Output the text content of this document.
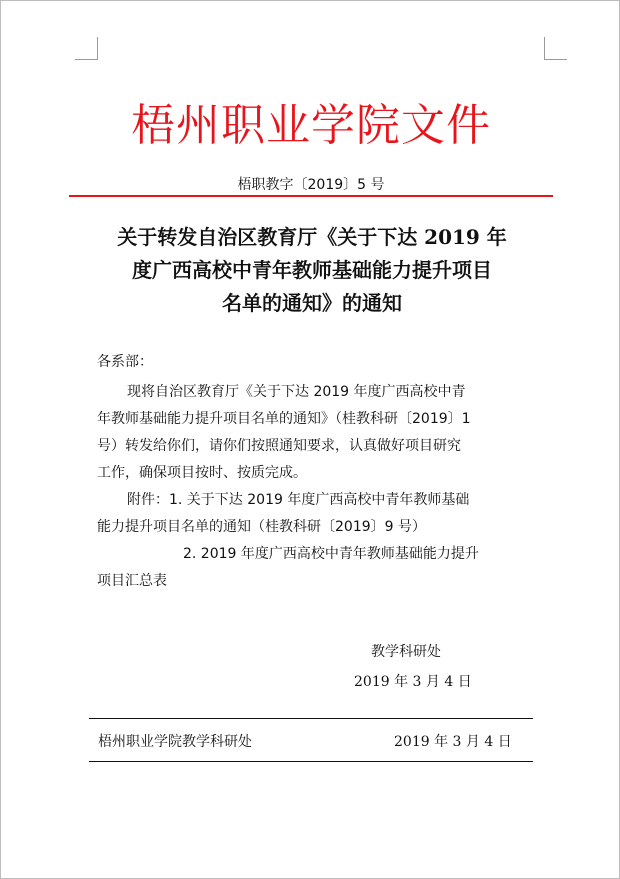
梧州职业学院文件
梧职教字〔2019〕5 号
关于转发自治区教育厅《关于下达 2019 年
度广西高校中青年教师基础能力提升项目
名单的通知》的通知
各系部：
现将自治区教育厅《关于下达 2019 年度广西高校中青
年教师基础能力提升项目名单的通知》（桂教科研〔2019〕1
号）转发给你们，请你们按照通知要求，认真做好项目研究
工作，确保项目按时、按质完成。
附件：1. 关于下达 2019 年度广西高校中青年教师基础
能力提升项目名单的通知（桂教科研〔2019〕9 号）
2. 2019 年度广西高校中青年教师基础能力提升
项目汇总表
教学科研处
2019 年 3 月 4 日
梧州职业学院教学科研处	2019 年 3 月 4 日
